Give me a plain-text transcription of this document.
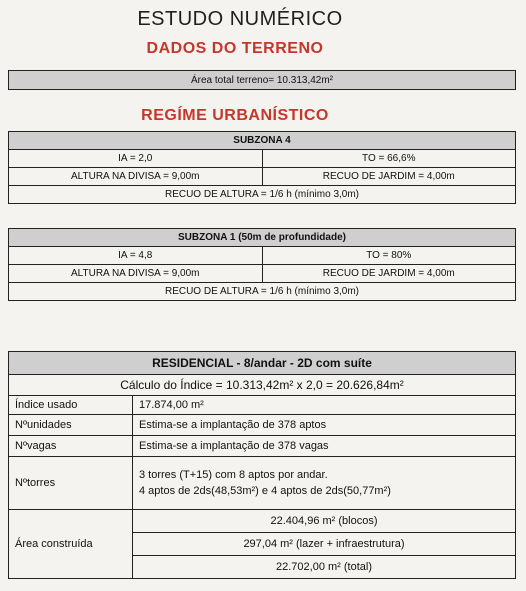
ESTUDO NUMÉRICO
DADOS DO TERRENO
Área total terreno= 10.313,42m²
REGÍME URBANÍSTICO
SUBZONA 4	
IA = 2,0	TO = 66,6%
ALTURA NA DIVISA = 9,00m	RECUO DE JARDIM = 4,00m
RECUO DE ALTURA = 1/6 h (mínimo 3,0m)	
SUBZONA 1 (50m de profundidade)	
IA = 4,8	TO = 80%
ALTURA NA DIVISA = 9,00m	RECUO DE JARDIM = 4,00m
RECUO DE ALTURA = 1/6 h (mínimo 3,0m)	
RESIDENCIAL - 8/andar - 2D com suíte	
Cálculo do Índice = 10.313,42m² x 2,0 = 20.626,84m²	
Índice usado	17.874,00 m²
Nºunidades	Estima-se a implantação de 378 aptos
Nºvagas	Estima-se a implantação de 378 vagas
Nºtorres	3 torres (T+15) com 8 aptos por andar.
4 aptos de 2ds(48,53m²) e 4 aptos de 2ds(50,77m²)

Área construída	22.404,96 m² (blocos)
	297,04 m² (lazer + infraestrutura)
	22.702,00 m² (total)
